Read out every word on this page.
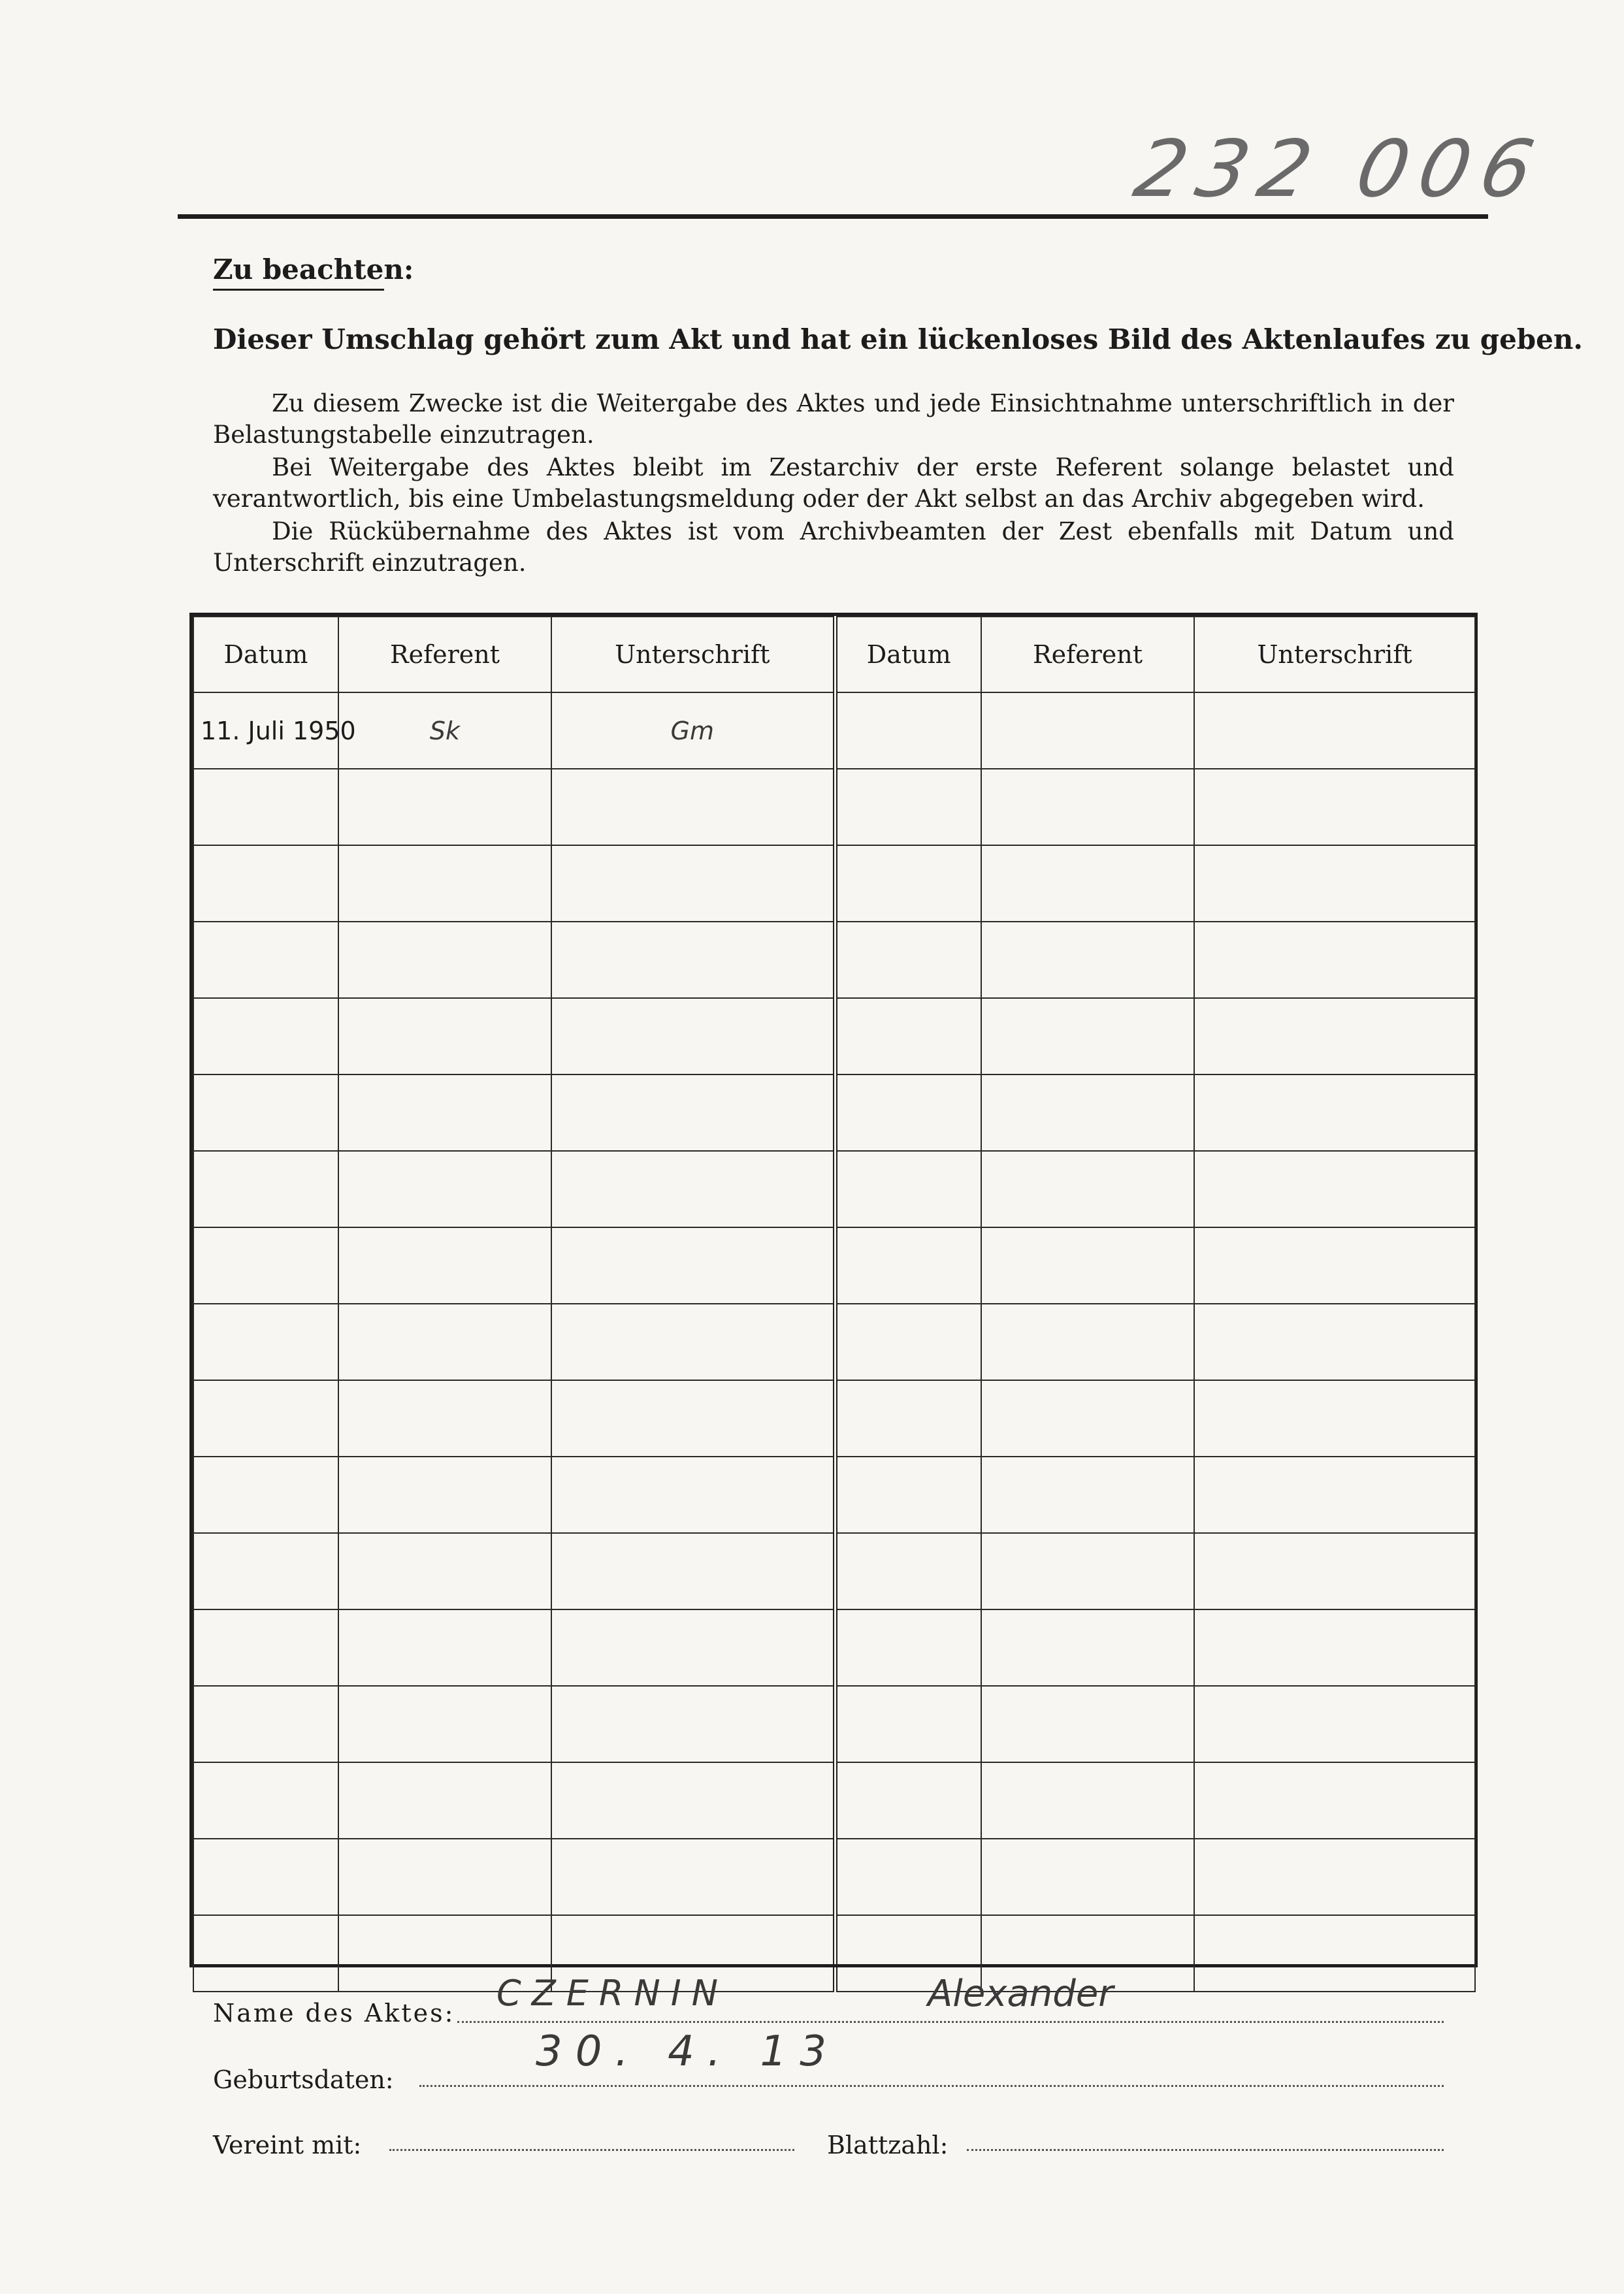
232 006
Zu beachten:
Dieser Umschlag gehört zum Akt und hat ein lückenloses Bild des Aktenlaufes zu geben.
Zu diesem Zwecke ist die Weitergabe des Aktes und jede Einsichtnahme unterschriftlich in der Belastungstabelle einzutragen.
Bei Weitergabe des Aktes bleibt im Zestarchiv der erste Referent solange belastet und verantwortlich, bis eine Umbelastungsmeldung oder der Akt selbst an das Archiv abgegeben wird.
Die Rückübernahme des Aktes ist vom Archivbeamten der Zest ebenfalls mit Datum und Unterschrift einzutragen.
Datum	Referent	Unterschrift	Datum	Referent	Unterschrift
11. Juli 1950	Sk	Gm			

Name des Aktes: CZERNIN	Alexander
Geburtsdaten:
30. 4. 13
Vereint mit:	Blattzahl:
